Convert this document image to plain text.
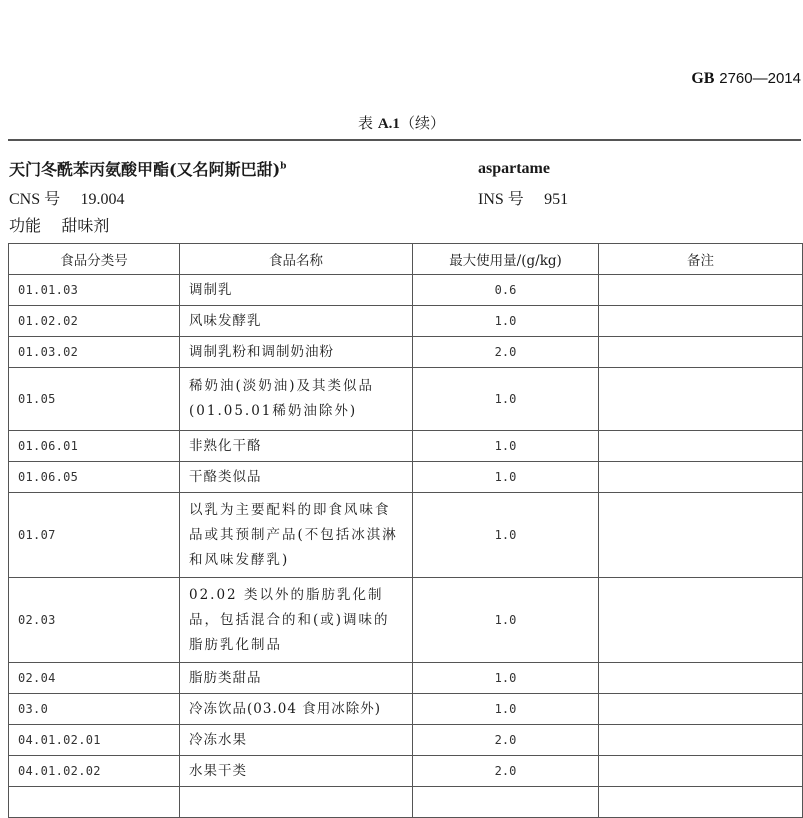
GB 2760—2014
表 A.1（续）
天门冬酰苯丙氨酸甲酯(又名阿斯巴甜)$^b$	aspartame
CNS 号 19.004	INS 号 951
功能 甜味剂
食品分类号	食品名称	最大使用量/(g/kg)	备注
01.01.03	调制乳	0.6	
01.02.02	风味发酵乳	1.0	
01.03.02	调制乳粉和调制奶油粉	2.0	
01.05	稀奶油(淡奶油)及其类似品(01.05.01稀奶油除外)	1.0	
01.06.01	非熟化干酪	1.0	
01.06.05	干酪类似品	1.0	
01.07	以乳为主要配料的即食风味食品或其预制产品(不包括冰淇淋和风味发酵乳)	1.0	
02.03	02.02 类以外的脂肪乳化制品，包括混合的和(或)调味的脂肪乳化制品	1.0	
02.04	脂肪类甜品	1.0	
03.0	冷冻饮品(03.04 食用冰除外)	1.0	
04.01.02.01	冷冻水果	2.0	
04.01.02.02	水果干类	2.0	
